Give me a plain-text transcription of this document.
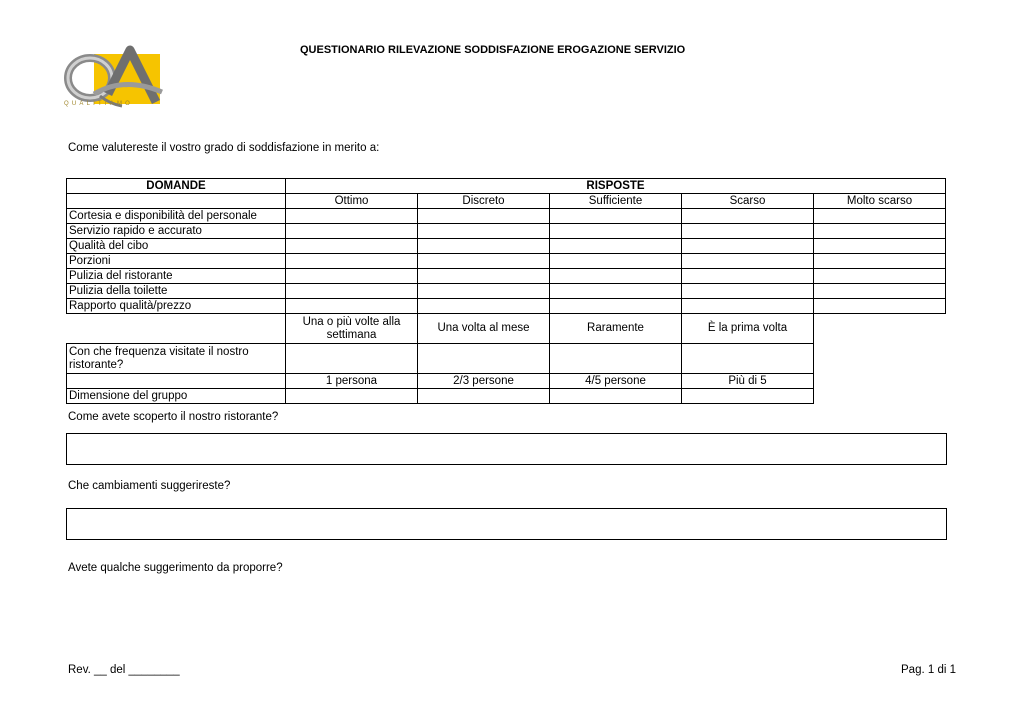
QUALITIAMO
QUESTIONARIO RILEVAZIONE SODDISFAZIONE EROGAZIONE SERVIZIO
Come valutereste il vostro grado di soddisfazione in merito a:
DOMANDE	RISPOSTE				
	Ottimo	Discreto	Sufficiente	Scarso	Molto scarso
Cortesia e disponibilità del personale					
Servizio rapido e accurato					
Qualità del cibo					
Porzioni					
Pulizia del ristorante					
Pulizia della toilette					
Rapporto qualità/prezzo					
	Una o più volte alla settimana	Una volta al mese	Raramente	È la prima volta	
Con che frequenza visitate il nostro ristorante?					
	1 persona	2/3 persone	4/5 persone	Più di 5	
Dimensione del gruppo					
Come avete scoperto il nostro ristorante?
Che cambiamenti suggerireste?
Avete qualche suggerimento da proporre?
Rev. __ del ________	Pag. 1 di 1
